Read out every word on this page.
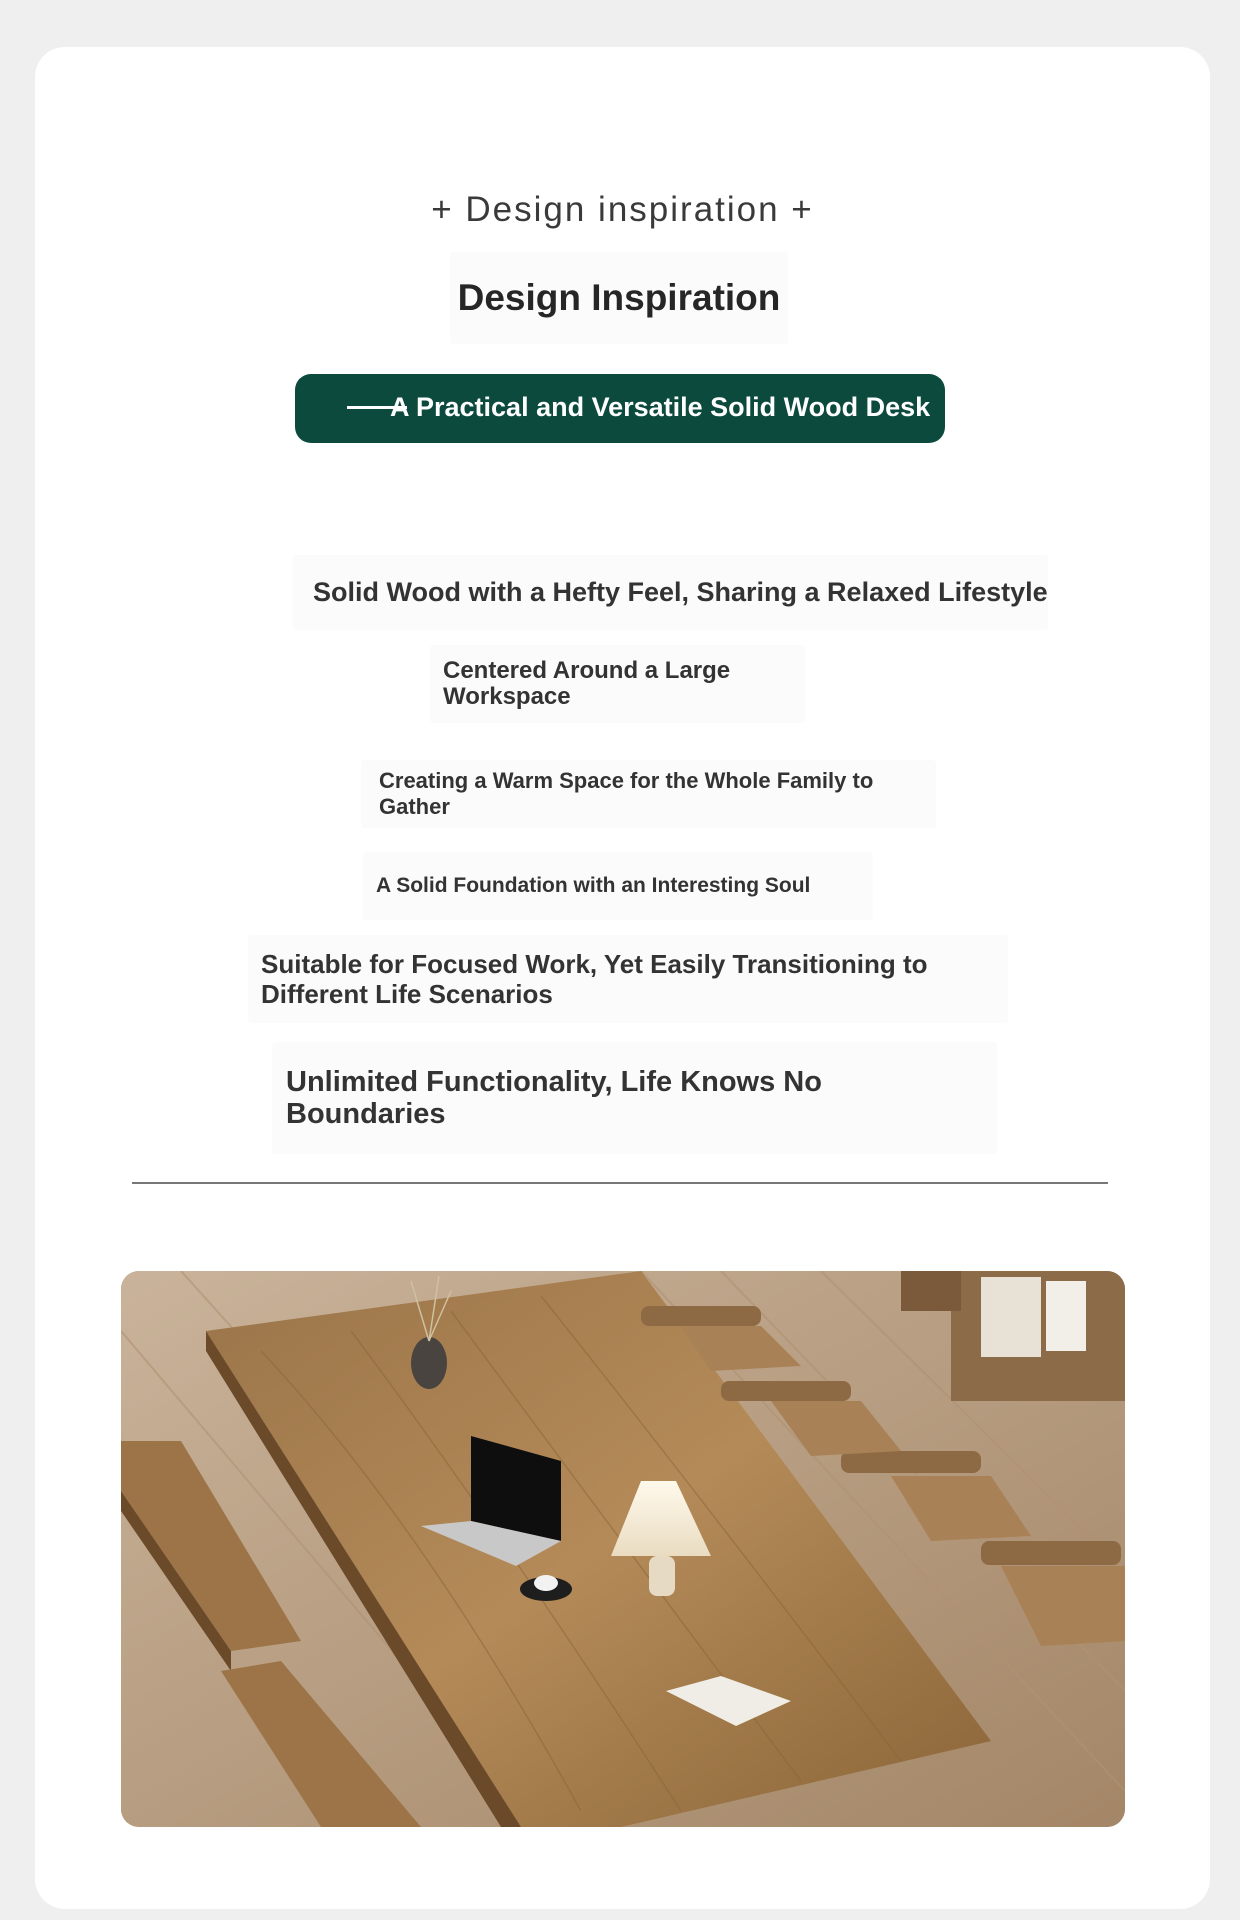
+ Design inspiration +
Design Inspiration
A Practical and Versatile Solid Wood Desk
Solid Wood with a Hefty Feel, Sharing a Relaxed Lifestyle
Centered Around a Large Workspace
Creating a Warm Space for the Whole Family to Gather
A Solid Foundation with an Interesting Soul
Suitable for Focused Work, Yet Easily Transitioning to Different Life Scenarios
Unlimited Functionality, Life Knows No Boundaries
